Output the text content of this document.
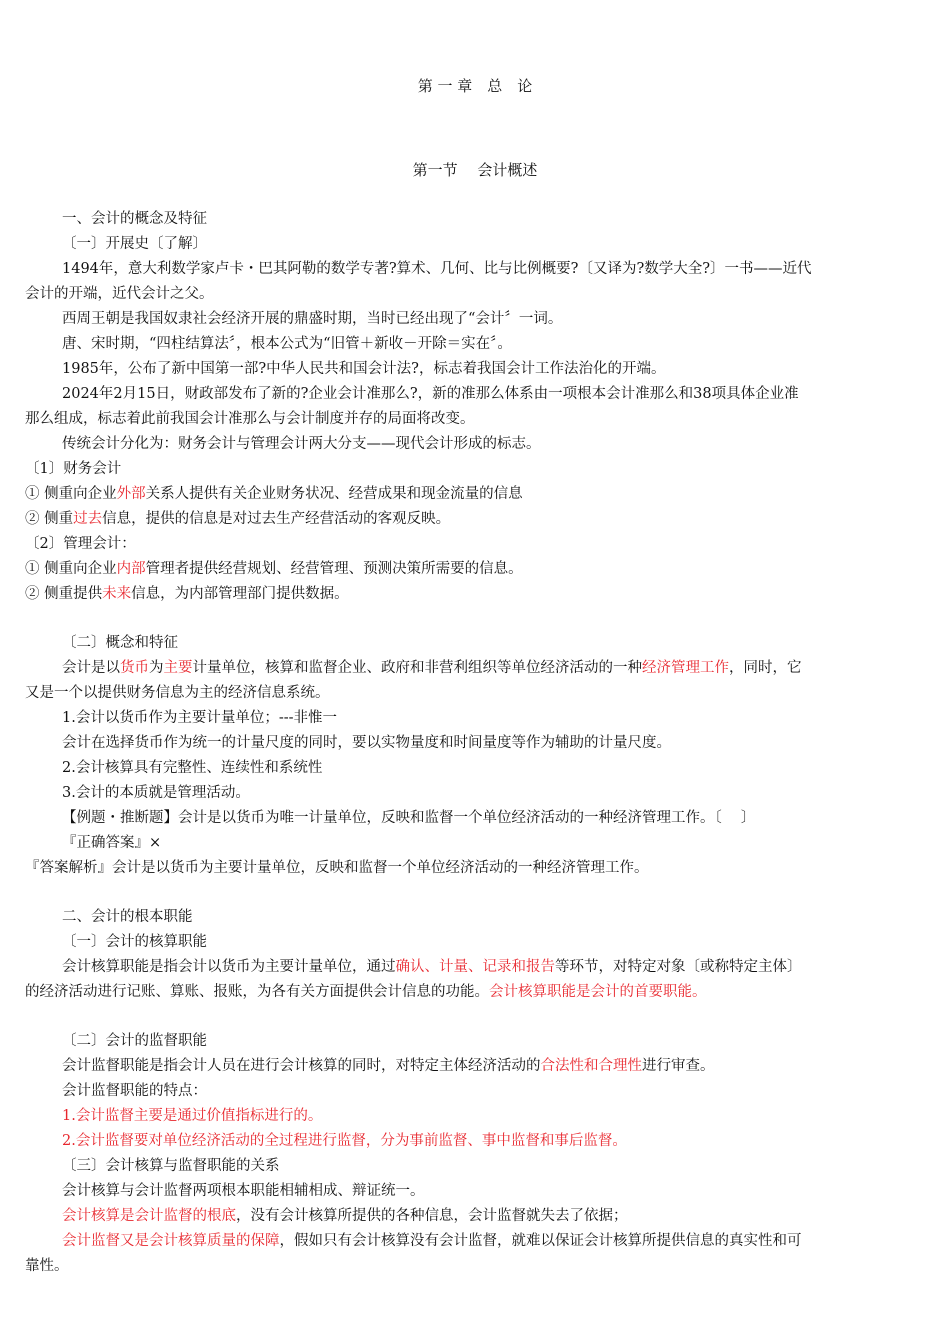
第 一 章　总　论
第一节　 会计概述
一、会计的概念及特征
〔一〕开展史〔了解〕
1494年，意大利数学家卢卡・巴其阿勒的数学专著?算术、几何、比与比例概要?〔又译为?数学大全?〕一书——近代
会计的开端，近代会计之父。
西周王朝是我国奴隶社会经济开展的鼎盛时期，当时已经出现了“会计〞一词。
唐、宋时期，“四柱结算法〞，根本公式为“旧管＋新收－开除＝实在〞。
1985年，公布了新中国第一部?中华人民共和国会计法?，标志着我国会计工作法治化的开端。
2024年2月15日，财政部发布了新的?企业会计准那么?，新的准那么体系由一项根本会计准那么和38项具体企业准
那么组成，标志着此前我国会计准那么与会计制度并存的局面将改变。
传统会计分化为：财务会计与管理会计两大分支——现代会计形成的标志。
〔1〕财务会计
① 侧重向企业外部关系人提供有关企业财务状况、经营成果和现金流量的信息
② 侧重过去信息，提供的信息是对过去生产经营活动的客观反映。
〔2〕管理会计：
① 侧重向企业内部管理者提供经营规划、经营管理、预测决策所需要的信息。
② 侧重提供未来信息，为内部管理部门提供数据。
〔二〕概念和特征
会计是以货币为主要计量单位，核算和监督企业、政府和非营利组织等单位经济活动的一种经济管理工作，同时，它
又是一个以提供财务信息为主的经济信息系统。
1.会计以货币作为主要计量单位；---非惟一
会计在选择货币作为统一的计量尺度的同时，要以实物量度和时间量度等作为辅助的计量尺度。
2.会计核算具有完整性、连续性和系统性
3.会计的本质就是管理活动。
【例题・推断题】会计是以货币为唯一计量单位，反映和监督一个单位经济活动的一种经济管理工作。〔　 〕
『正确答案』×
『答案解析』会计是以货币为主要计量单位，反映和监督一个单位经济活动的一种经济管理工作。
二、会计的根本职能
〔一〕会计的核算职能
会计核算职能是指会计以货币为主要计量单位，通过确认、计量、记录和报告等环节，对特定对象〔或称特定主体〕
的经济活动进行记账、算账、报账，为各有关方面提供会计信息的功能。会计核算职能是会计的首要职能。
〔二〕会计的监督职能
会计监督职能是指会计人员在进行会计核算的同时，对特定主体经济活动的合法性和合理性进行审查。
会计监督职能的特点：
1.会计监督主要是通过价值指标进行的。
2.会计监督要对单位经济活动的全过程进行监督，分为事前监督、事中监督和事后监督。
〔三〕会计核算与监督职能的关系
会计核算与会计监督两项根本职能相辅相成、辩证统一。
会计核算是会计监督的根底，没有会计核算所提供的各种信息，会计监督就失去了依据；
会计监督又是会计核算质量的保障，假如只有会计核算没有会计监督，就难以保证会计核算所提供信息的真实性和可
靠性。
